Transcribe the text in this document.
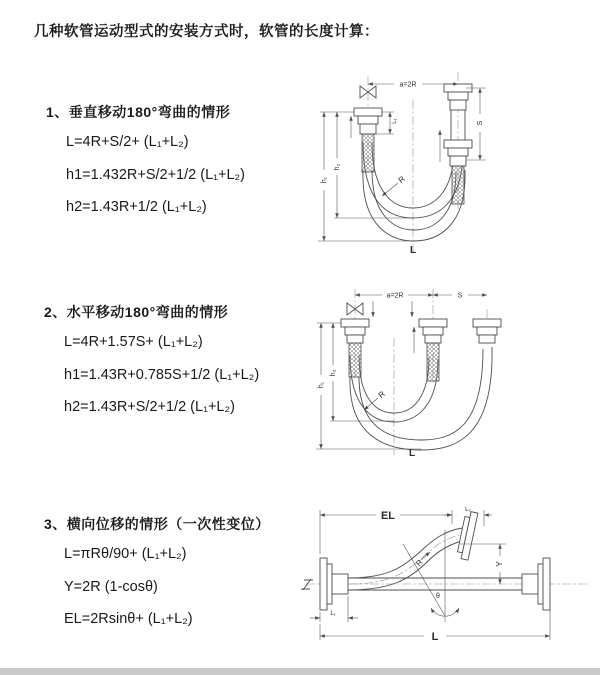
几种软管运动型式的安装方式时，软管的长度计算：
1、垂直移动180°弯曲的情形
L=4R+S/2+ (L₁+L₂)
h1=1.432R+S/2+1/2 (L₁+L₂)
h2=1.43R+1/2 (L₁+L₂)
2、水平移动180°弯曲的情形
L=4R+1.57S+ (L₁+L₂)
h1=1.43R+0.785S+1/2 (L₁+L₂)
h2=1.43R+S/2+1/2 (L₁+L₂)
3、横向位移的情形（一次性变位）
L=πRθ/90+ (L₁+L₂)
Y=2R (1-cosθ)
EL=2Rsinθ+ (L₁+L₂)
a=2R
S
L₁
h₁
h₂
R
L
a=2R	S
h₁
h₂
R
L
θ
R
EL	L₂
Y
L₁
L
